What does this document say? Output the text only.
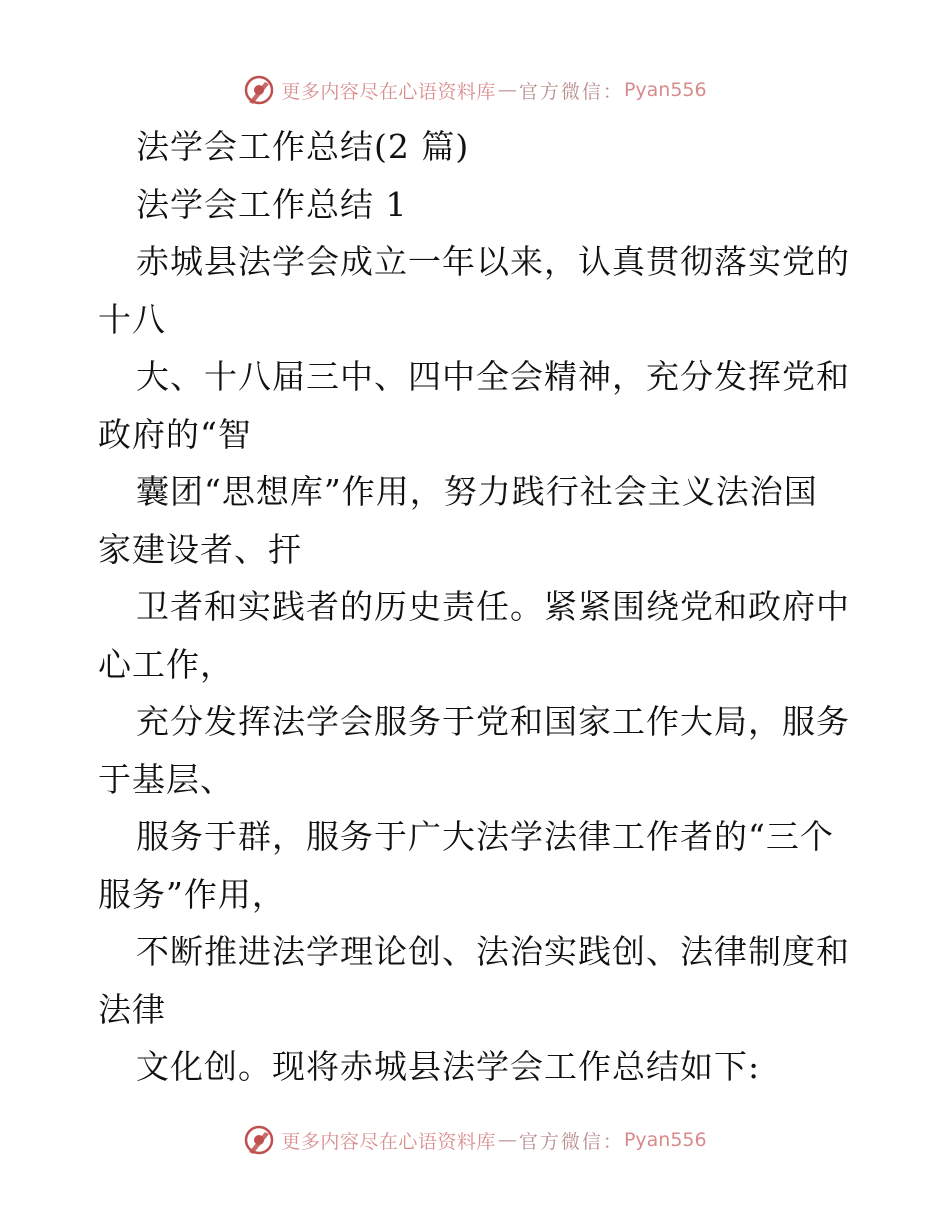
更多内容尽在心语资料库 — 官方微信： Pyan556
法学会工作总结(2 篇)
法学会工作总结 1
赤城县法学会成立一年以来，认真贯彻落实党的
十八
大、十八届三中、四中全会精神，充分发挥党和
政府的“智
囊团“思想库”作用，努力践行社会主义法治国
家建设者、扞
卫者和实践者的历史责任。紧紧围绕党和政府中
心工作，
充分发挥法学会服务于党和国家工作大局，服务
于基层、
服务于群，服务于广大法学法律工作者的“三个
服务”作用，
不断推进法学理论创、法治实践创、法律制度和
法律
文化创。现将赤城县法学会工作总结如下:
更多内容尽在心语资料库 — 官方微信： Pyan556
